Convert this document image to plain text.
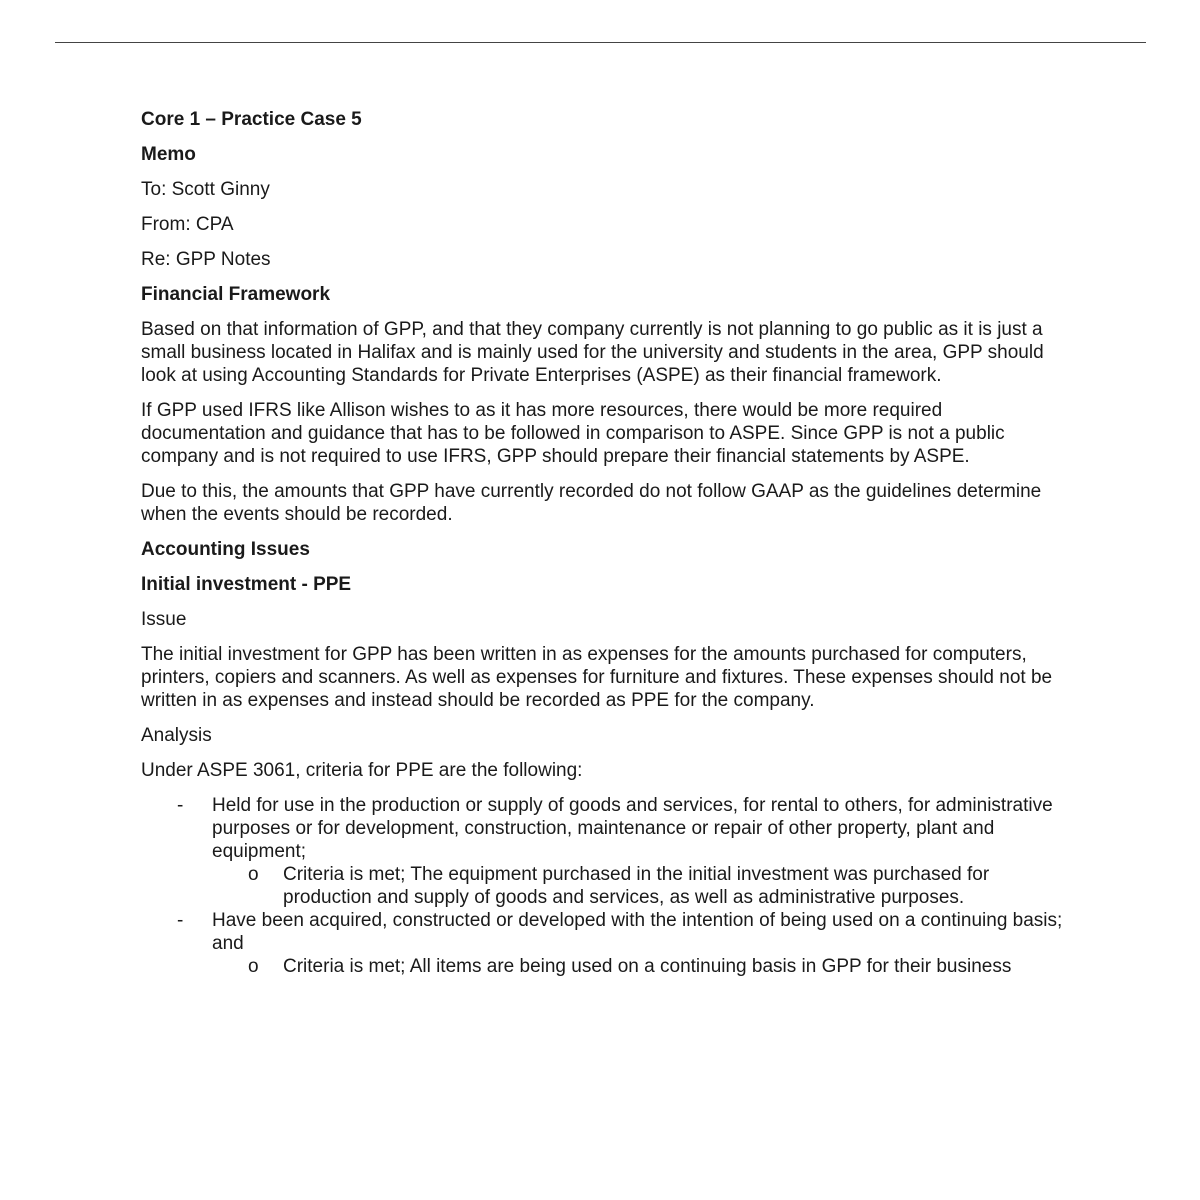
Core 1 – Practice Case 5

Memo

To: Scott Ginny

From: CPA

Re: GPP Notes

Financial Framework

Based on that information of GPP, and that they company currently is not planning to go public as it is just a small business located in Halifax and is mainly used for the university and students in the area, GPP should look at using Accounting Standards for Private Enterprises (ASPE) as their financial framework.

If GPP used IFRS like Allison wishes to as it has more resources, there would be more required documentation and guidance that has to be followed in comparison to ASPE. Since GPP is not a public company and is not required to use IFRS, GPP should prepare their financial statements by ASPE.

Due to this, the amounts that GPP have currently recorded do not follow GAAP as the guidelines determine when the events should be recorded.

Accounting Issues

Initial investment - PPE

Issue

The initial investment for GPP has been written in as expenses for the amounts purchased for computers, printers, copiers and scanners. As well as expenses for furniture and fixtures. These expenses should not be written in as expenses and instead should be recorded as PPE for the company.

Analysis

Under ASPE 3061, criteria for PPE are the following:

- Held for use in the production or supply of goods and services, for rental to others, for administrative purposes or for development, construction, maintenance or repair of other property, plant and equipment;
o Criteria is met; The equipment purchased in the initial investment was purchased for production and supply of goods and services, as well as administrative purposes.
- Have been acquired, constructed or developed with the intention of being used on a continuing basis; and
o Criteria is met; All items are being used on a continuing basis in GPP for their business
